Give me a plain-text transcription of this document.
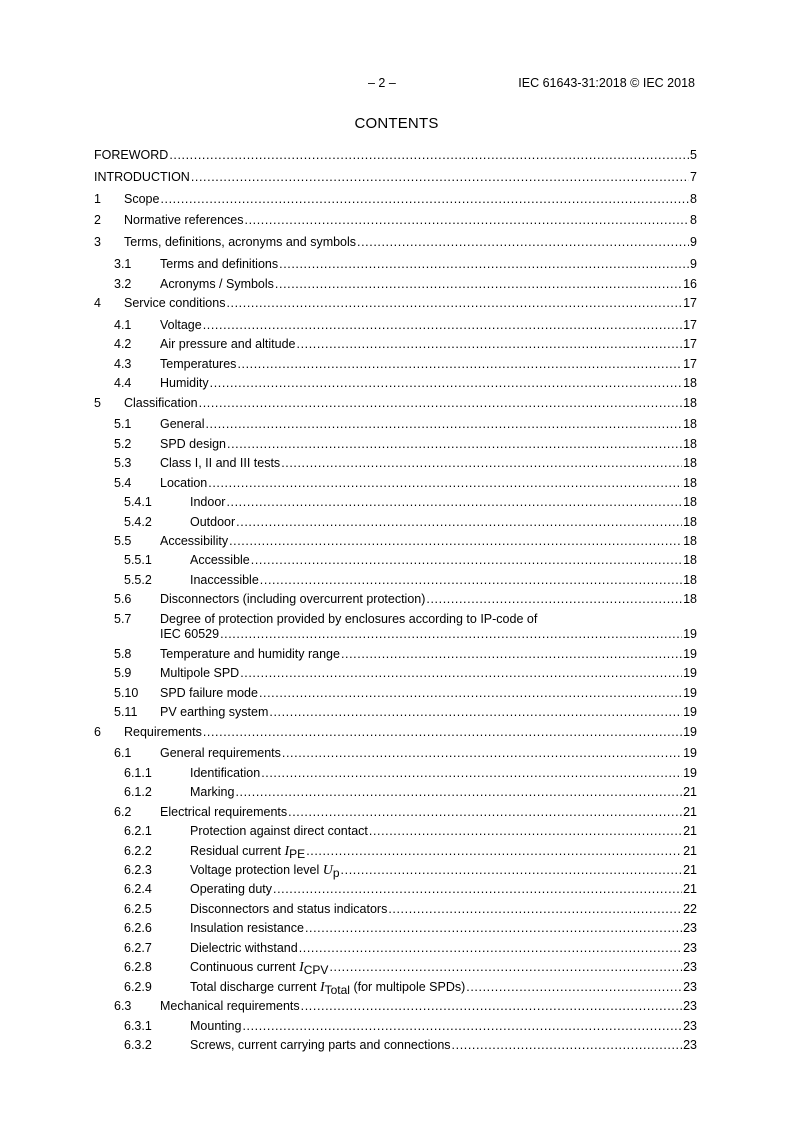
– 2 –	IEC 61643-31:2018 © IEC 2018
CONTENTS
FOREWORD .....	5
INTRODUCTION .....	7
1 Scope .....	8
2 Normative references .....	8
3 Terms, definitions, acronyms and symbols .....	9
3.1 Terms and definitions .....	9
3.2 Acronyms / Symbols .....	16
4 Service conditions .....	17
4.1 Voltage .....	17
4.2 Air pressure and altitude .....	17
4.3 Temperatures .....	17
4.4 Humidity .....	18
5 Classification .....	18
5.1 General .....	18
5.2 SPD design .....	18
5.3 Class I, II and III tests .....	18
5.4 Location .....	18
5.4.1	Indoor .....	18
5.4.2	Outdoor .....	18
5.5 Accessibility .....	18
5.5.1	Accessible .....	18
5.5.2	Inaccessible .....	18
5.6 Disconnectors (including overcurrent protection) .....	18
5.7 Degree of protection provided by enclosures according to IP-code of
IEC 60529 .....	19
5.8 Temperature and humidity range .....	19
5.9 Multipole SPD .....	19
5.10 SPD failure mode .....	19
5.11 PV earthing system .....	19
6 Requirements .....	19
6.1 General requirements .....	19
6.1.1	Identification .....	19
6.1.2	Marking .....	21
6.2 Electrical requirements .....	21
6.2.1	Protection against direct contact .....	21
6.2.2	Residual current $I_{PE}$ .....	21
6.2.3	Voltage protection level $U_p$ .....	21
6.2.4	Operating duty .....	21
6.2.5	Disconnectors and status indicators .....	22
6.2.6	Insulation resistance .....	23
6.2.7	Dielectric withstand .....	23
6.2.8	Continuous current $I_{CPV}$ .....	23
6.2.9	Total discharge current $I_{Total}$ (for multipole SPDs) .....	23
6.3 Mechanical requirements .....	23
6.3.1	Mounting .....	23
6.3.2	Screws, current carrying parts and connections .....	23
